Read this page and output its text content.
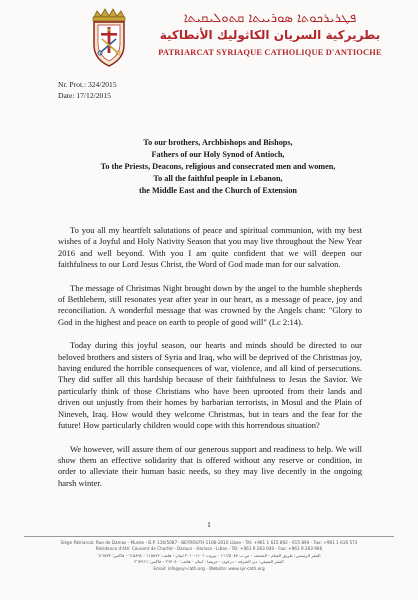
ܦܛܪܝܪܟܘܬܐ ܣܘܪܝܝܬܐ ܩܬܘܠܝܩܝܬܐ
بطريركية السريان الكاثوليك الأنطاكية
PATRIARCAT SYRIAQUE CATHOLIQUE D'ANTIOCHE
Nr. Prot.: 324/2015
Date: 17/12/2015
To our brothers, Archbishops and Bishops,
Fathers of our Holy Synod of Antioch,
To the Priests, Deacons, religious and consecrated men and women,
To all the faithful people in Lebanon,
the Middle East and the Church of Extension

To you all my heartfelt salutations of peace and spiritual communion, with my best wishes of a Joyful and Holy Nativity Season that you may live throughout the New Year 2016 and well beyond. With you I am quite confident that we will deepen our faithfulness to our Lord Jesus Christ, the Word of God made man for our salvation.

The message of Christmas Night brought down by the angel to the humble shepherds of Bethlehem, still resonates year after year in our heart, as a message of peace, joy and reconciliation. A wonderful message that was crowned by the Angels chant: "Glory to God in the highest and peace on earth to people of good will" (Lc 2:14).

Today during this joyful season, our hearts and minds should be directed to our beloved brothers and sisters of Syria and Iraq, who will be deprived of the Christmas joy, having endured the horrible consequences of war, violence, and all kind of persecutions. They did suffer all this hardship because of their faithfulness to Jesus the Savior. We particularly think of those Christians who have been uprooted from their lands and driven out unjustly from their homes by barbarian terrorists, in Mosul and the Plain of Nineveh, Iraq. How would they welcome Christmas, but in tears and the fear for the future! How particularly children would cope with this horrendous situation?

We however, will assure them of our generous support and readiness to help. We will show them an effective solidarity that is offered without any reserve or condition, in order to alleviate their human basic needs, so they may live decently in the ongoing harsh winter.

1
Siège Patriarcal: Rue de Damas - Musée - B.P. 116/5087 - BEYROUTH 1106-2010 Liban - Tél: +961 1 615 892 - 615 894 - Fax: +961 1 616 573
Résidence d'été: Couvent de Charfet - Daroun - Harissa - Liban - Tél: +961 9 263 040 - Fax: +961 9 263 966
المقر الرئيسي: طريق الشام - المتحف - ص.ب ١١٦/٥٠٨٧ - بيروت ١١٠٦-٢٠١٠ لبنان - هاتف: ٦١٥٨٩٢ - ٦١٥٨٩٤ - فاكس: ٦١٦٥٧٣
المقر الصيفي: دير الشرفة - درعون - حريصا - لبنان - هاتف: ٢٦٣٠٤٠ - فاكس: ٢٦٣٩٦٦
Email: info@syr-cath.org - Website: www.syr-cath.org
